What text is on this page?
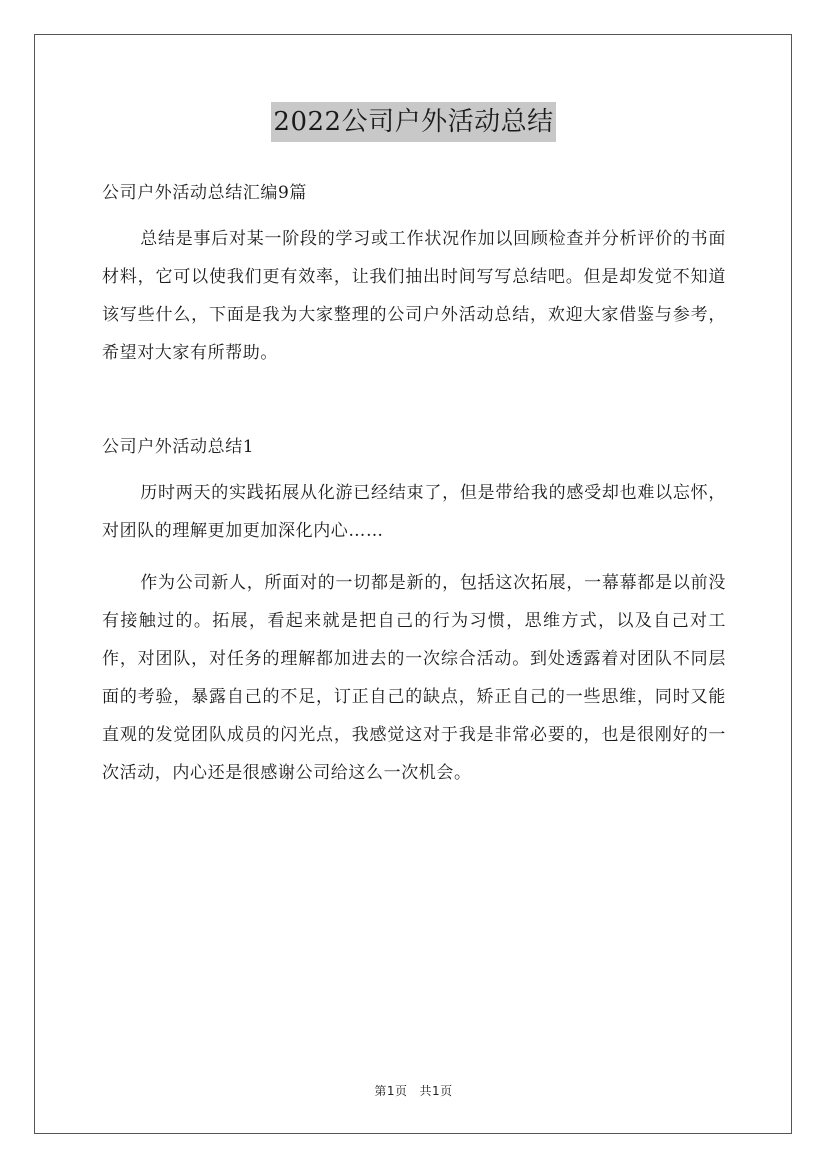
2022公司户外活动总结

公司户外活动总结汇编9篇

总结是事后对某一阶段的学习或工作状况作加以回顾检查并分析评价的书面材料，它可以使我们更有效率，让我们抽出时间写写总结吧。但是却发觉不知道该写些什么，下面是我为大家整理的公司户外活动总结，欢迎大家借鉴与参考，希望对大家有所帮助。

公司户外活动总结1

历时两天的实践拓展从化游已经结束了，但是带给我的感受却也难以忘怀，对团队的理解更加更加深化内心……

作为公司新人，所面对的一切都是新的，包括这次拓展，一幕幕都是以前没有接触过的。拓展，看起来就是把自己的行为习惯，思维方式，以及自己对工作，对团队，对任务的理解都加进去的一次综合活动。到处透露着对团队不同层面的考验，暴露自己的不足，订正自己的缺点，矫正自己的一些思维，同时又能直观的发觉团队成员的闪光点，我感觉这对于我是非常必要的，也是很刚好的一次活动，内心还是很感谢公司给这么一次机会。

第1页 共1页
